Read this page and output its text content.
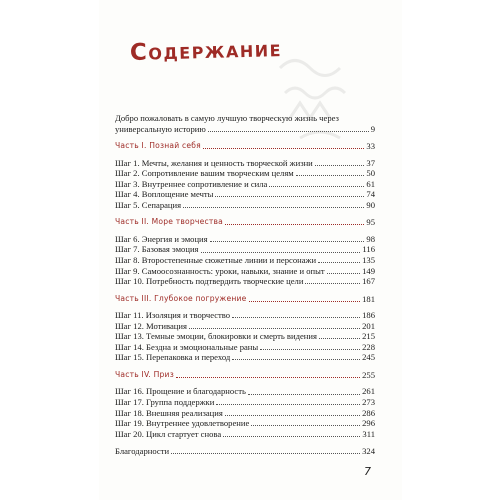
Содержание
Добро пожаловать в самую лучшую творческую жизнь через
универсальную историю	9
Часть I. Познай себя	33
Шаг 1. Мечты, желания и ценность творческой жизни	37
Шаг 2. Сопротивление вашим творческим целям	50
Шаг 3. Внутреннее сопротивление и сила	61
Шаг 4. Воплощение мечты	74
Шаг 5. Сепарация	90
Часть II. Море творчества	95
Шаг 6. Энергия и эмоция	98
Шаг 7. Базовая эмоция	116
Шаг 8. Второстепенные сюжетные линии и персонажи	135
Шаг 9. Самоосознанность: уроки, навыки, знание и опыт	149
Шаг 10. Потребность подтвердить творческие цели	167
Часть III. Глубокое погружение	181
Шаг 11. Изоляция и творчество	186
Шаг 12. Мотивация	201
Шаг 13. Темные эмоции, блокировки и смерть видения	215
Шаг 14. Бездна и эмоциональные раны	228
Шаг 15. Перепаковка и переход	245
Часть IV. Приз	255
Шаг 16. Прощение и благодарность	261
Шаг 17. Группа поддержки	273
Шаг 18. Внешняя реализация	286
Шаг 19. Внутреннее удовлетворение	296
Шаг 20. Цикл стартует снова	311
Благодарности	324
7
